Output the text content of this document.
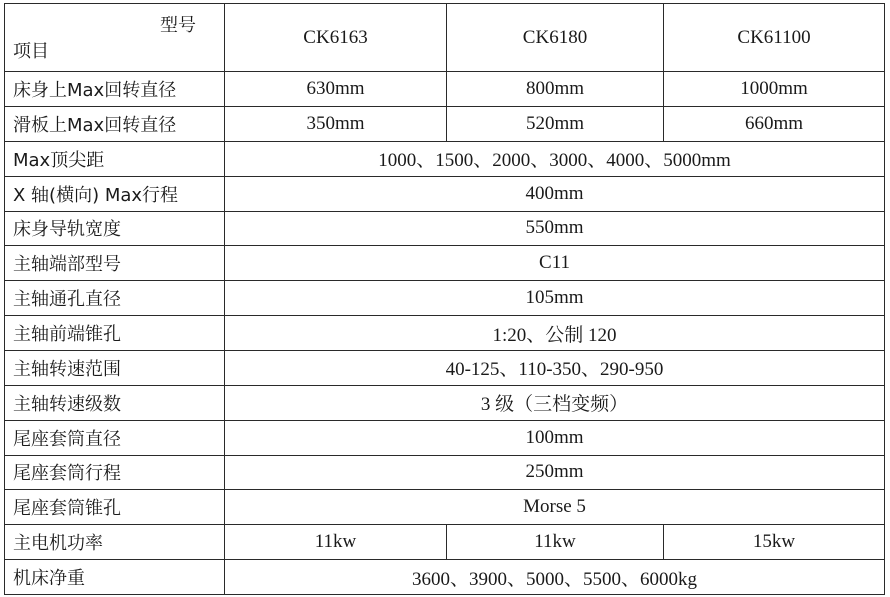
型号
项目	CK6163	CK6180	CK61100
床身上Max回转直径	630mm	800mm	1000mm
滑板上Max回转直径	350mm	520mm	660mm
Max顶尖距	1000、1500、2000、3000、4000、5000mm		
X 轴(横向) Max行程	400mm		
床身导轨宽度	550mm		
主轴端部型号	C11		
主轴通孔直径	105mm		
主轴前端锥孔	1:20、公制 120		
主轴转速范围	40-125、110-350、290-950		
主轴转速级数	3 级（三档变频）		
尾座套筒直径	100mm		
尾座套筒行程	250mm		
尾座套筒锥孔	Morse 5		
主电机功率	11kw	11kw	15kw
机床净重	3600、3900、5000、5500、6000kg		
